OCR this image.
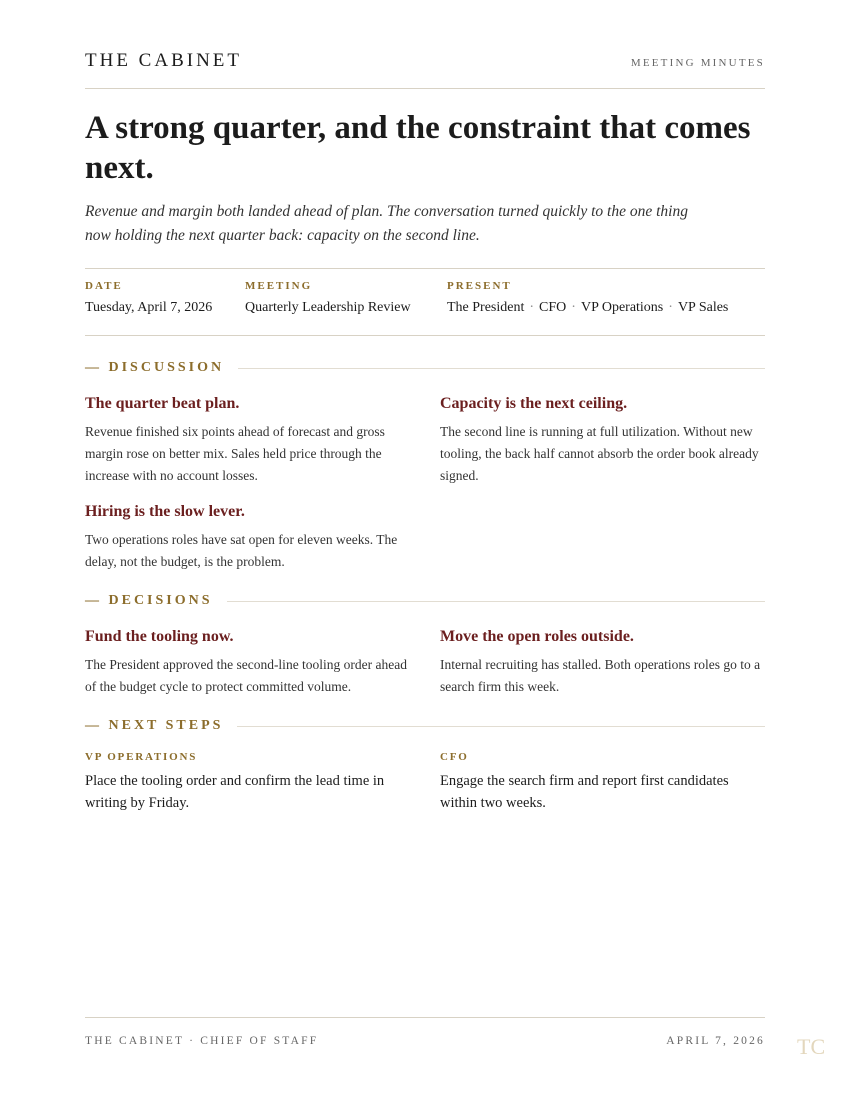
THE CABINET	MEETING MINUTES
A strong quarter, and the constraint that comes next.

Revenue and margin both landed ahead of plan. The conversation turned quickly to the one thing now holding the next quarter back: capacity on the second line.

DATE
Tuesday, April 7, 2026
MEETING
Quarterly Leadership Review
PRESENT
The President · CFO · VP Operations · VP Sales
— DISCUSSION
The quarter beat plan.

Revenue finished six points ahead of forecast and gross margin rose on better mix. Sales held price through the increase with no account losses.

Capacity is the next ceiling.

The second line is running at full utilization. Without new tooling, the back half cannot absorb the order book already signed.

Hiring is the slow lever.

Two operations roles have sat open for eleven weeks. The delay, not the budget, is the problem.

— DECISIONS
Fund the tooling now.

The President approved the second-line tooling order ahead of the budget cycle to protect committed volume.

Move the open roles outside.

Internal recruiting has stalled. Both operations roles go to a search firm this week.

— NEXT STEPS
VP OPERATIONS

Place the tooling order and confirm the lead time in writing by Friday.

CFO

Engage the search firm and report first candidates within two weeks.

THE CABINET · CHIEF OF STAFF	APRIL 7, 2026 TC
